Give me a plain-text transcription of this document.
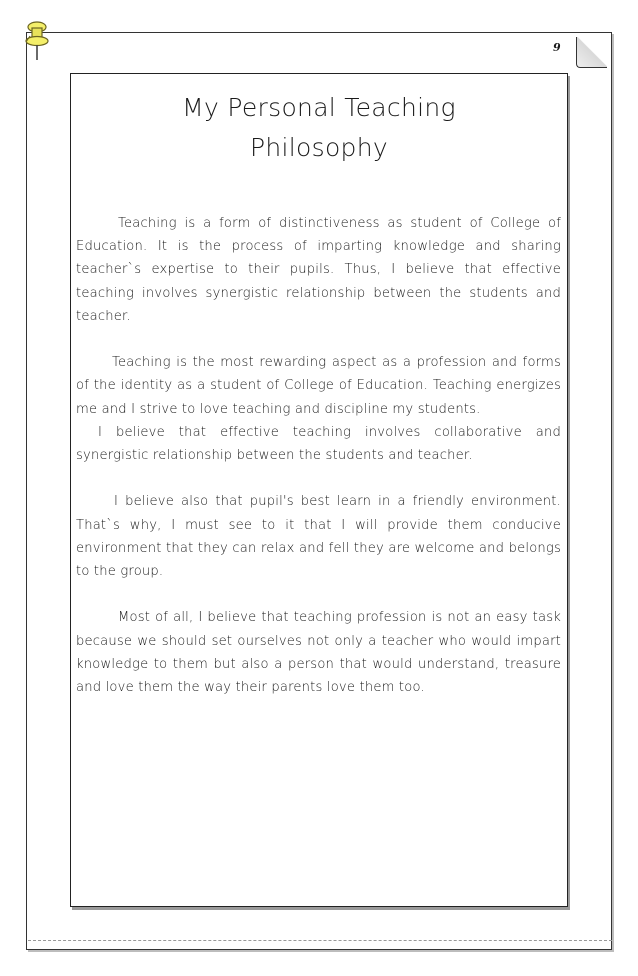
9
My Personal Teaching
Philosophy

Teaching is a form of distinctiveness as student of College of Education. It is the process of imparting knowledge and sharing teacher`s expertise to their pupils. Thus, I believe that effective teaching involves synergistic relationship between the students and teacher.

Teaching is the most rewarding aspect as a profession and forms of the identity as a student of College of Education. Teaching energizes me and I strive to love teaching and discipline my students.

I believe that effective teaching involves collaborative and synergistic relationship between the students and teacher.

I believe also that pupil's best learn in a friendly environment. That`s why, I must see to it that I will provide them conducive environment that they can relax and fell they are welcome and belongs to the group.

Most of all, I believe that teaching profession is not an easy task because we should set ourselves not only a teacher who would impart knowledge to them but also a person that would understand, treasure and love them the way their parents love them too.
